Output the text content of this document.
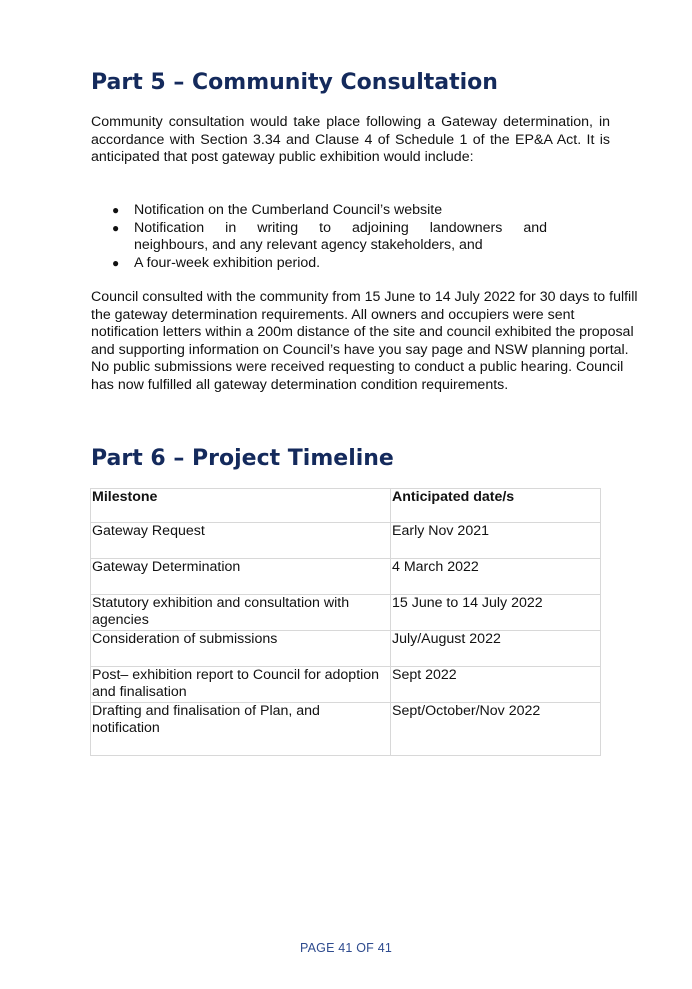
Part 5 – Community Consultation

Community consultation would take place following a Gateway determination, in accordance with Section 3.34 and Clause 4 of Schedule 1 of the EP&A Act. It is anticipated that post gateway public exhibition would include:

● Notification on the Cumberland Council’s website
● Notification in writing to adjoining landowners and
neighbours, and any relevant agency stakeholders, and
● A four-week exhibition period.

Council consulted with the community from 15 June to 14 July 2022 for 30 days to fulfill the gateway determination requirements. All owners and occupiers were sent notification letters within a 200m distance of the site and council exhibited the proposal and supporting information on Council’s have you say page and NSW planning portal. No public submissions were received requesting to conduct a public hearing. Council has now fulfilled all gateway determination condition requirements.

Part 6 – Project Timeline
Milestone	Anticipated date/s
Gateway Request	Early Nov 2021
Gateway Determination	4 March 2022
Statutory exhibition and consultation with agencies	15 June to 14 July 2022
Consideration of submissions	July/August 2022
Post– exhibition report to Council for adoption and finalisation	Sept 2022
Drafting and finalisation of Plan, and notification	Sept/October/Nov 2022
PAGE 41 OF 41
